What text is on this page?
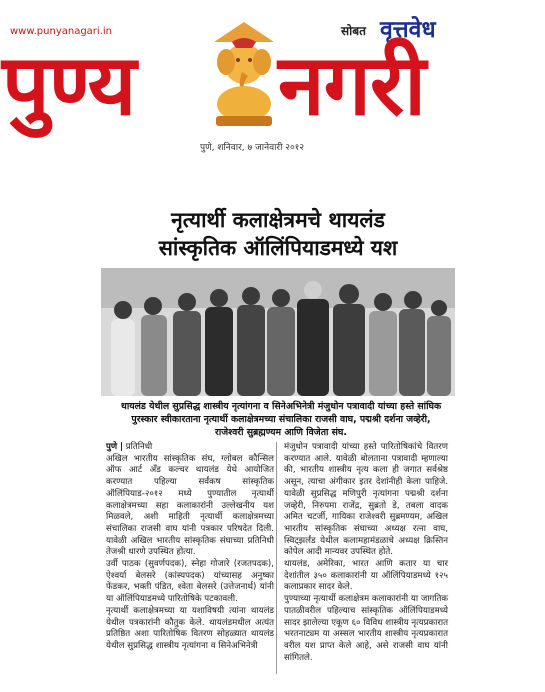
www.punyanagari.in	सोबत वृत्तवेध
पुण्य नगरी
पुणे, शनिवार, ७ जानेवारी २०१२
नृत्यार्थी कलाक्षेत्रमचे थायलंड
सांस्कृतिक ऑलिंपियाडमध्ये यश
थायलंड येथील सुप्रसिद्ध शास्त्रीय नृत्यांगना व सिनेअभिनेत्री मंजुधोन पत्रावादी यांच्या हस्ते सांघिक
पुरस्कार स्वीकारताना नृत्यार्थी कलाक्षेत्रमच्या संचालिका राजसी वाघ, पद्मश्री दर्शना जव्हेरी,
राजेश्वरी सुब्रह्मण्यम आणि विजेता संघ.

पुणे | प्रतिनिधी

अखिल भारतीय सांस्कृतिक संघ, ग्लोबल कौन्सिल ऑफ आर्ट अँड कल्चर थायलंड येथे आयोजित करण्यात पहिल्या सर्वंकष सांस्कृतिक ऑलिंपियाड-२०१२ मध्ये पुण्यातील नृत्यार्थी कलाक्षेत्रमच्या सहा कलाकारांनी उल्लेखनीय यश मिळवले, अशी माहिती नृत्यार्थी कलाक्षेत्रमच्या संचालिका राजसी वाघ यांनी पत्रकार परिषदेत दिली. यावेळी अखिल भारतीय सांस्कृतिक संघाच्या प्रतिनिधी तेजश्री धारणे उपस्थित होत्या.

उर्वी पाठक (सुवर्णपदक), स्नेहा गोजारे (रजतपदक), ऐश्वर्या बेलसरे (कांस्यपदक) यांच्यासह अनुष्का फेंडकर, भक्ती पंडित, श्वेता बेलसरे (उत्तेजनार्थ) यांनी या ऑलिंपियाडमध्ये पारितोषिके पटकावली.

नृत्यार्थी कलाक्षेत्रमच्या या यशाविषयी त्यांना थायलंड येथील पत्रकारांनी कौतुक केले. थायलंडमधील अत्यंत प्रतिष्ठित अशा पारितोषिक वितरण सोहळ्यात थायलंड येथील सुप्रसिद्ध शास्त्रीय नृत्यांगना व सिनेअभिनेत्री

मंजुधोन पत्रावादी यांच्या हस्ते पारितोषिकांचे वितरण करण्यात आले. यावेळी बोलताना पत्रावादी म्हणाल्या की, भारतीय शास्त्रीय नृत्य कला ही जगात सर्वश्रेष्ठ असून, त्याचा अंगीकार इतर देशांनीही केला पाहिजे. यावेळी सुप्रसिद्ध मणिपुरी नृत्यांगना पद्मश्री दर्शना जव्हेरी, निरुपमा राजेंद्र, सुब्रतो डे, तबला वादक अमित चटर्जी, गायिका राजेश्वरी सुब्रमण्यम, अखिल भारतीय सांस्कृतिक संघाच्या अध्यक्ष रत्ना वाघ, स्विट्झर्लंड येथील कलामहामंडळाचे अध्यक्ष क्रिस्तिन कोपेल आदी मान्यवर उपस्थित होते.

थायलंड, अमेरिका, भारत आणि कतार या चार देशांतील ३५० कलाकारांनी या ऑलिंपियाडमध्ये १२५ कलाप्रकार सादर केले.

पुण्याच्या नृत्यार्थी कलाक्षेत्रम कलाकारांनी या जागतिक पातळीवरील पहिल्याच सांस्कृतिक ऑलिंपियाडमध्ये सादर झालेल्या एकूण ६० विविध शास्त्रीय नृत्यप्रकारात भरतनाट्यम या अस्सल भारतीय शास्त्रीय नृत्यप्रकारात वरील यश प्राप्त केले आहे, असे राजसी वाघ यांनी सांगितले.
